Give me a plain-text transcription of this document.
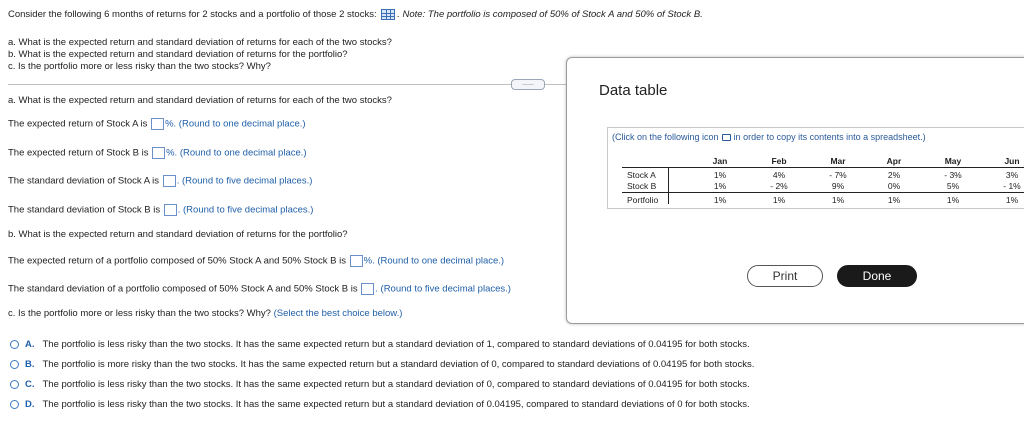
Consider the following 6 months of returns for 2 stocks and a portfolio of those 2 stocks: . Note: The portfolio is composed of 50% of Stock A and 50% of Stock B.
a. What is the expected return and standard deviation of returns for each of the two stocks?
b. What is the expected return and standard deviation of returns for the portfolio?
c. Is the portfolio more or less risky than the two stocks? Why?
......
a. What is the expected return and standard deviation of returns for each of the two stocks?
The expected return of Stock A is %. (Round to one decimal place.)
The expected return of Stock B is %. (Round to one decimal place.)
The standard deviation of Stock A is . (Round to five decimal places.)
The standard deviation of Stock B is . (Round to five decimal places.)
b. What is the expected return and standard deviation of returns for the portfolio?
The expected return of a portfolio composed of 50% Stock A and 50% Stock B is %. (Round to one decimal place.)
The standard deviation of a portfolio composed of 50% Stock A and 50% Stock B is . (Round to five decimal places.)
c. Is the portfolio more or less risky than the two stocks? Why? (Select the best choice below.)
A. The portfolio is less risky than the two stocks. It has the same expected return but a standard deviation of 1, compared to standard deviations of 0.04195 for both stocks.
B. The portfolio is more risky than the two stocks. It has the same expected return but a standard deviation of 0, compared to standard deviations of 0.04195 for both stocks.
C. The portfolio is less risky than the two stocks. It has the same expected return but a standard deviation of 0, compared to standard deviations of 0.04195 for both stocks.
D. The portfolio is less risky than the two stocks. It has the same expected return but a standard deviation of 0.04195, compared to standard deviations of 0 for both stocks.
Data table
(Click on the following icon in order to copy its contents into a spreadsheet.)
Jan	Feb	Mar	Apr	May	Jun
Stock A	1%	4%	- 7%	2%	- 3%	3%
Stock B	1%	- 2%	9%	0%	5%	- 1%
Portfolio	1%	1%	1%	1%	1%	1%
Print	Done
